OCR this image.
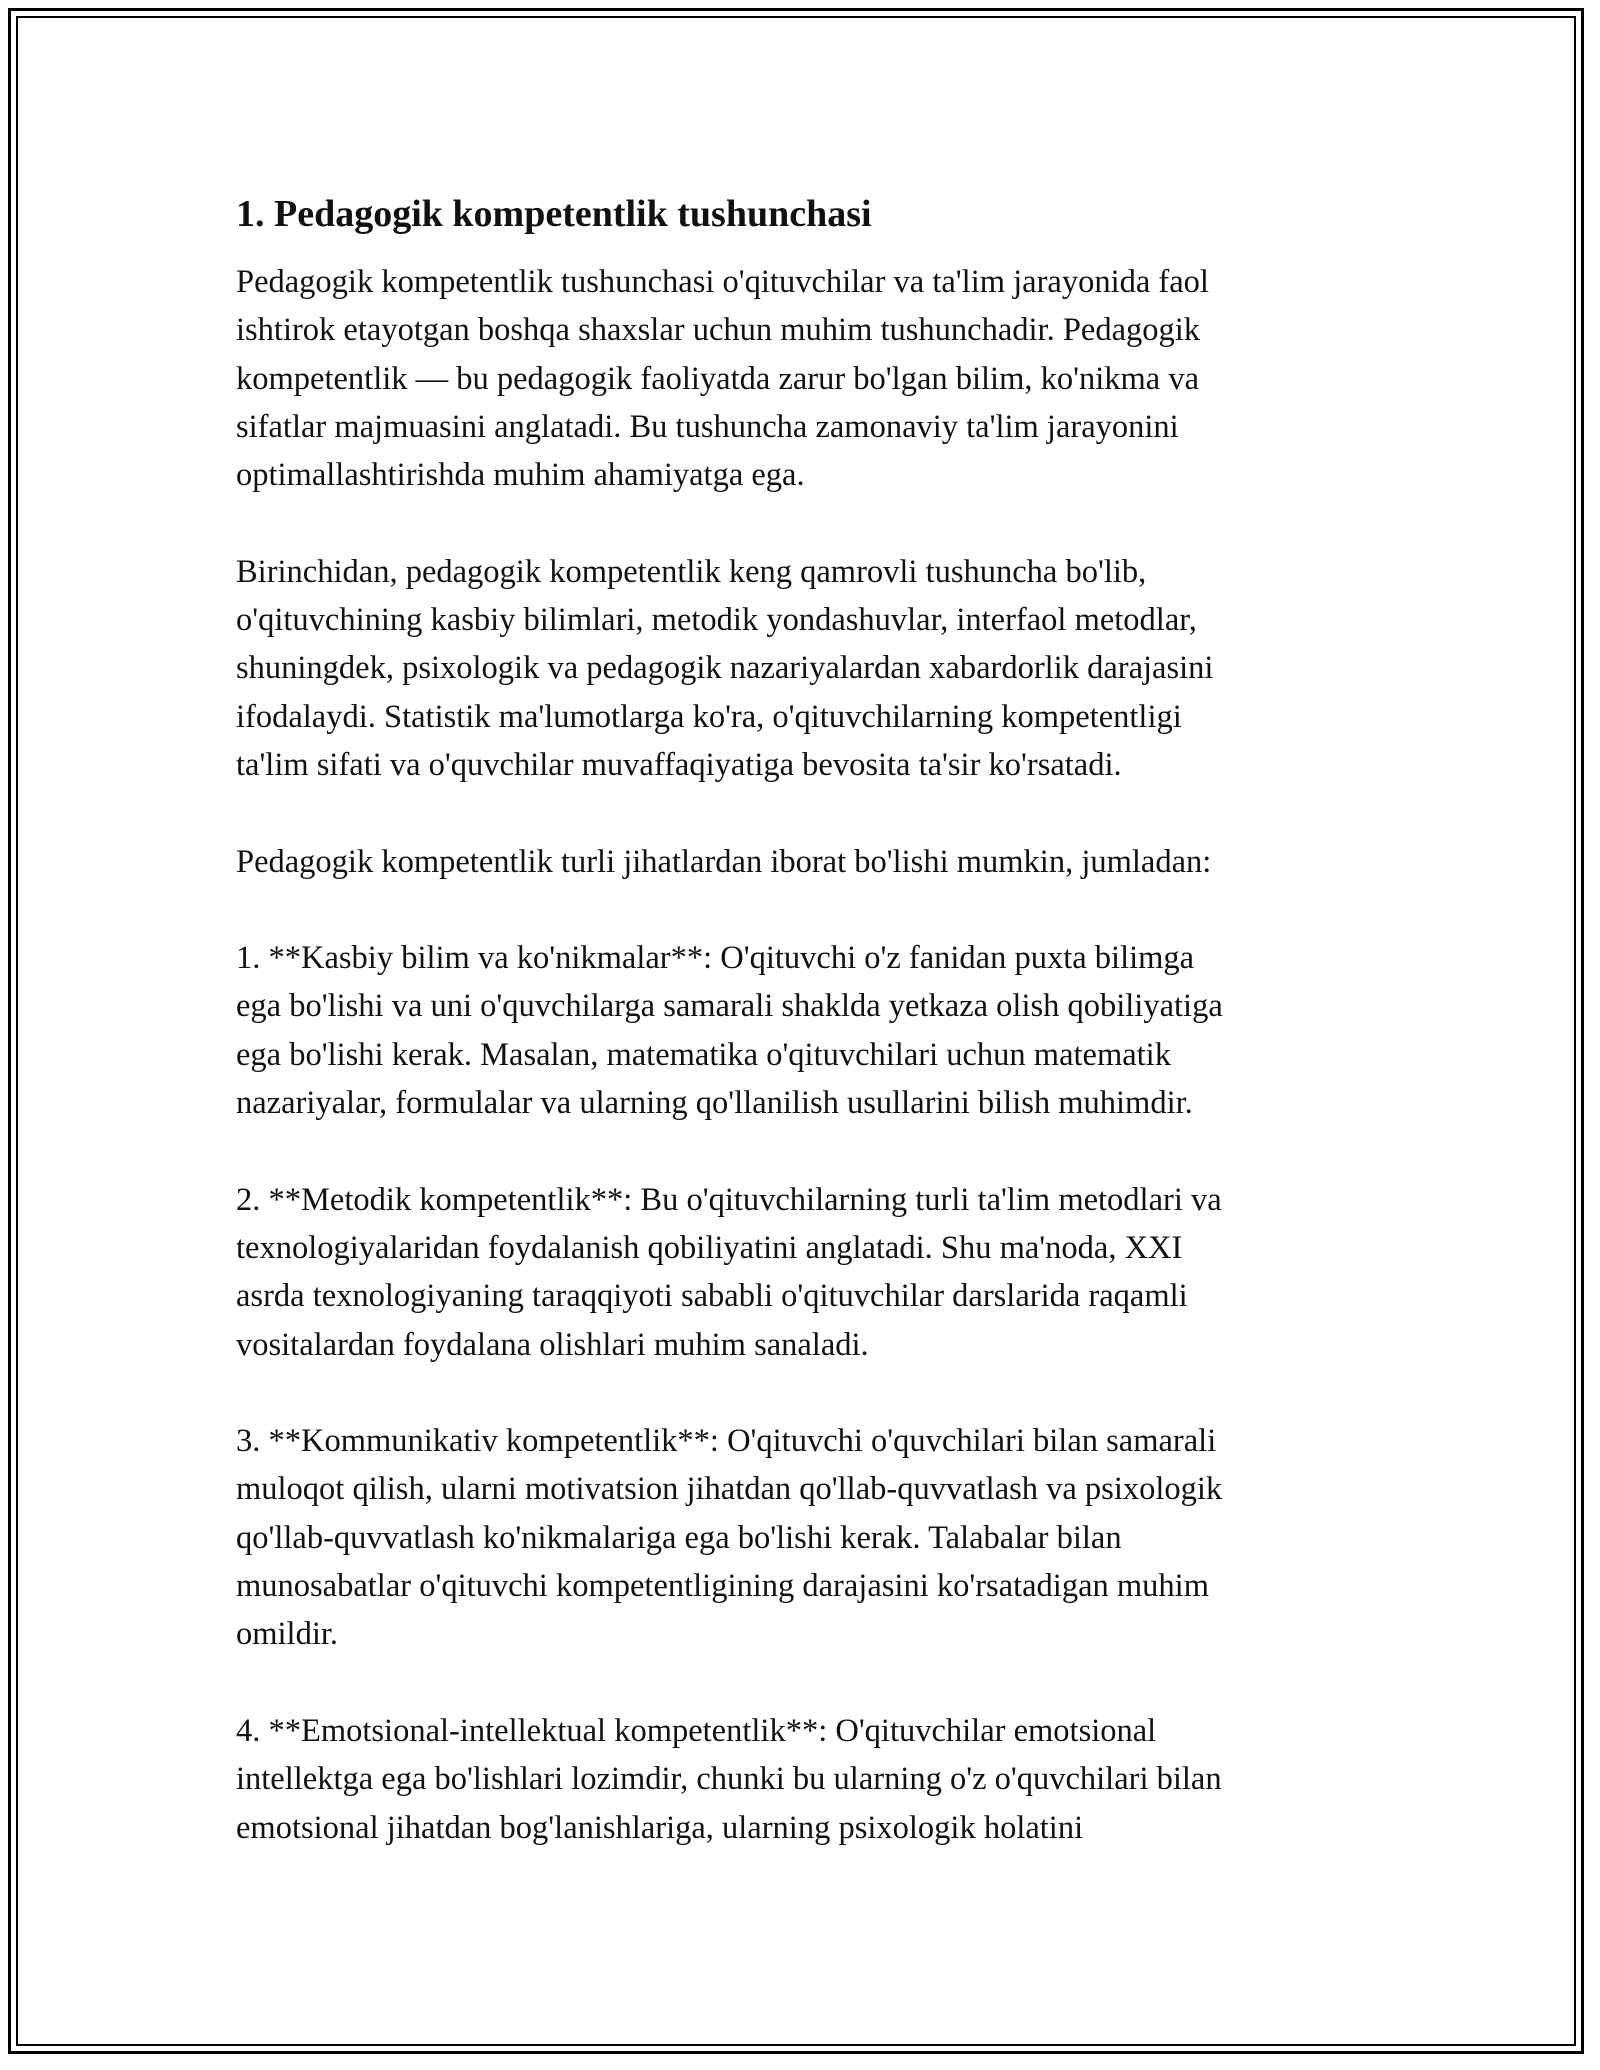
1. Pedagogik kompetentlik tushunchasi

Pedagogik kompetentlik tushunchasi o'qituvchilar va ta'lim jarayonida faol
ishtirok etayotgan boshqa shaxslar uchun muhim tushunchadir. Pedagogik
kompetentlik — bu pedagogik faoliyatda zarur bo'lgan bilim, ko'nikma va
sifatlar majmuasini anglatadi. Bu tushuncha zamonaviy ta'lim jarayonini
optimallashtirishda muhim ahamiyatga ega.

Birinchidan, pedagogik kompetentlik keng qamrovli tushuncha bo'lib,
o'qituvchining kasbiy bilimlari, metodik yondashuvlar, interfaol metodlar,
shuningdek, psixologik va pedagogik nazariyalardan xabardorlik darajasini
ifodalaydi. Statistik ma'lumotlarga ko'ra, o'qituvchilarning kompetentligi
ta'lim sifati va o'quvchilar muvaffaqiyatiga bevosita ta'sir ko'rsatadi.

Pedagogik kompetentlik turli jihatlardan iborat bo'lishi mumkin, jumladan:

1. **Kasbiy bilim va ko'nikmalar**: O'qituvchi o'z fanidan puxta bilimga
ega bo'lishi va uni o'quvchilarga samarali shaklda yetkaza olish qobiliyatiga
ega bo'lishi kerak. Masalan, matematika o'qituvchilari uchun matematik
nazariyalar, formulalar va ularning qo'llanilish usullarini bilish muhimdir.

2. **Metodik kompetentlik**: Bu o'qituvchilarning turli ta'lim metodlari va
texnologiyalaridan foydalanish qobiliyatini anglatadi. Shu ma'noda, XXI
asrda texnologiyaning taraqqiyoti sababli o'qituvchilar darslarida raqamli
vositalardan foydalana olishlari muhim sanaladi.

3. **Kommunikativ kompetentlik**: O'qituvchi o'quvchilari bilan samarali
muloqot qilish, ularni motivatsion jihatdan qo'llab-quvvatlash va psixologik
qo'llab-quvvatlash ko'nikmalariga ega bo'lishi kerak. Talabalar bilan
munosabatlar o'qituvchi kompetentligining darajasini ko'rsatadigan muhim
omildir.

4. **Emotsional-intellektual kompetentlik**: O'qituvchilar emotsional
intellektga ega bo'lishlari lozimdir, chunki bu ularning o'z o'quvchilari bilan
emotsional jihatdan bog'lanishlariga, ularning psixologik holatini
